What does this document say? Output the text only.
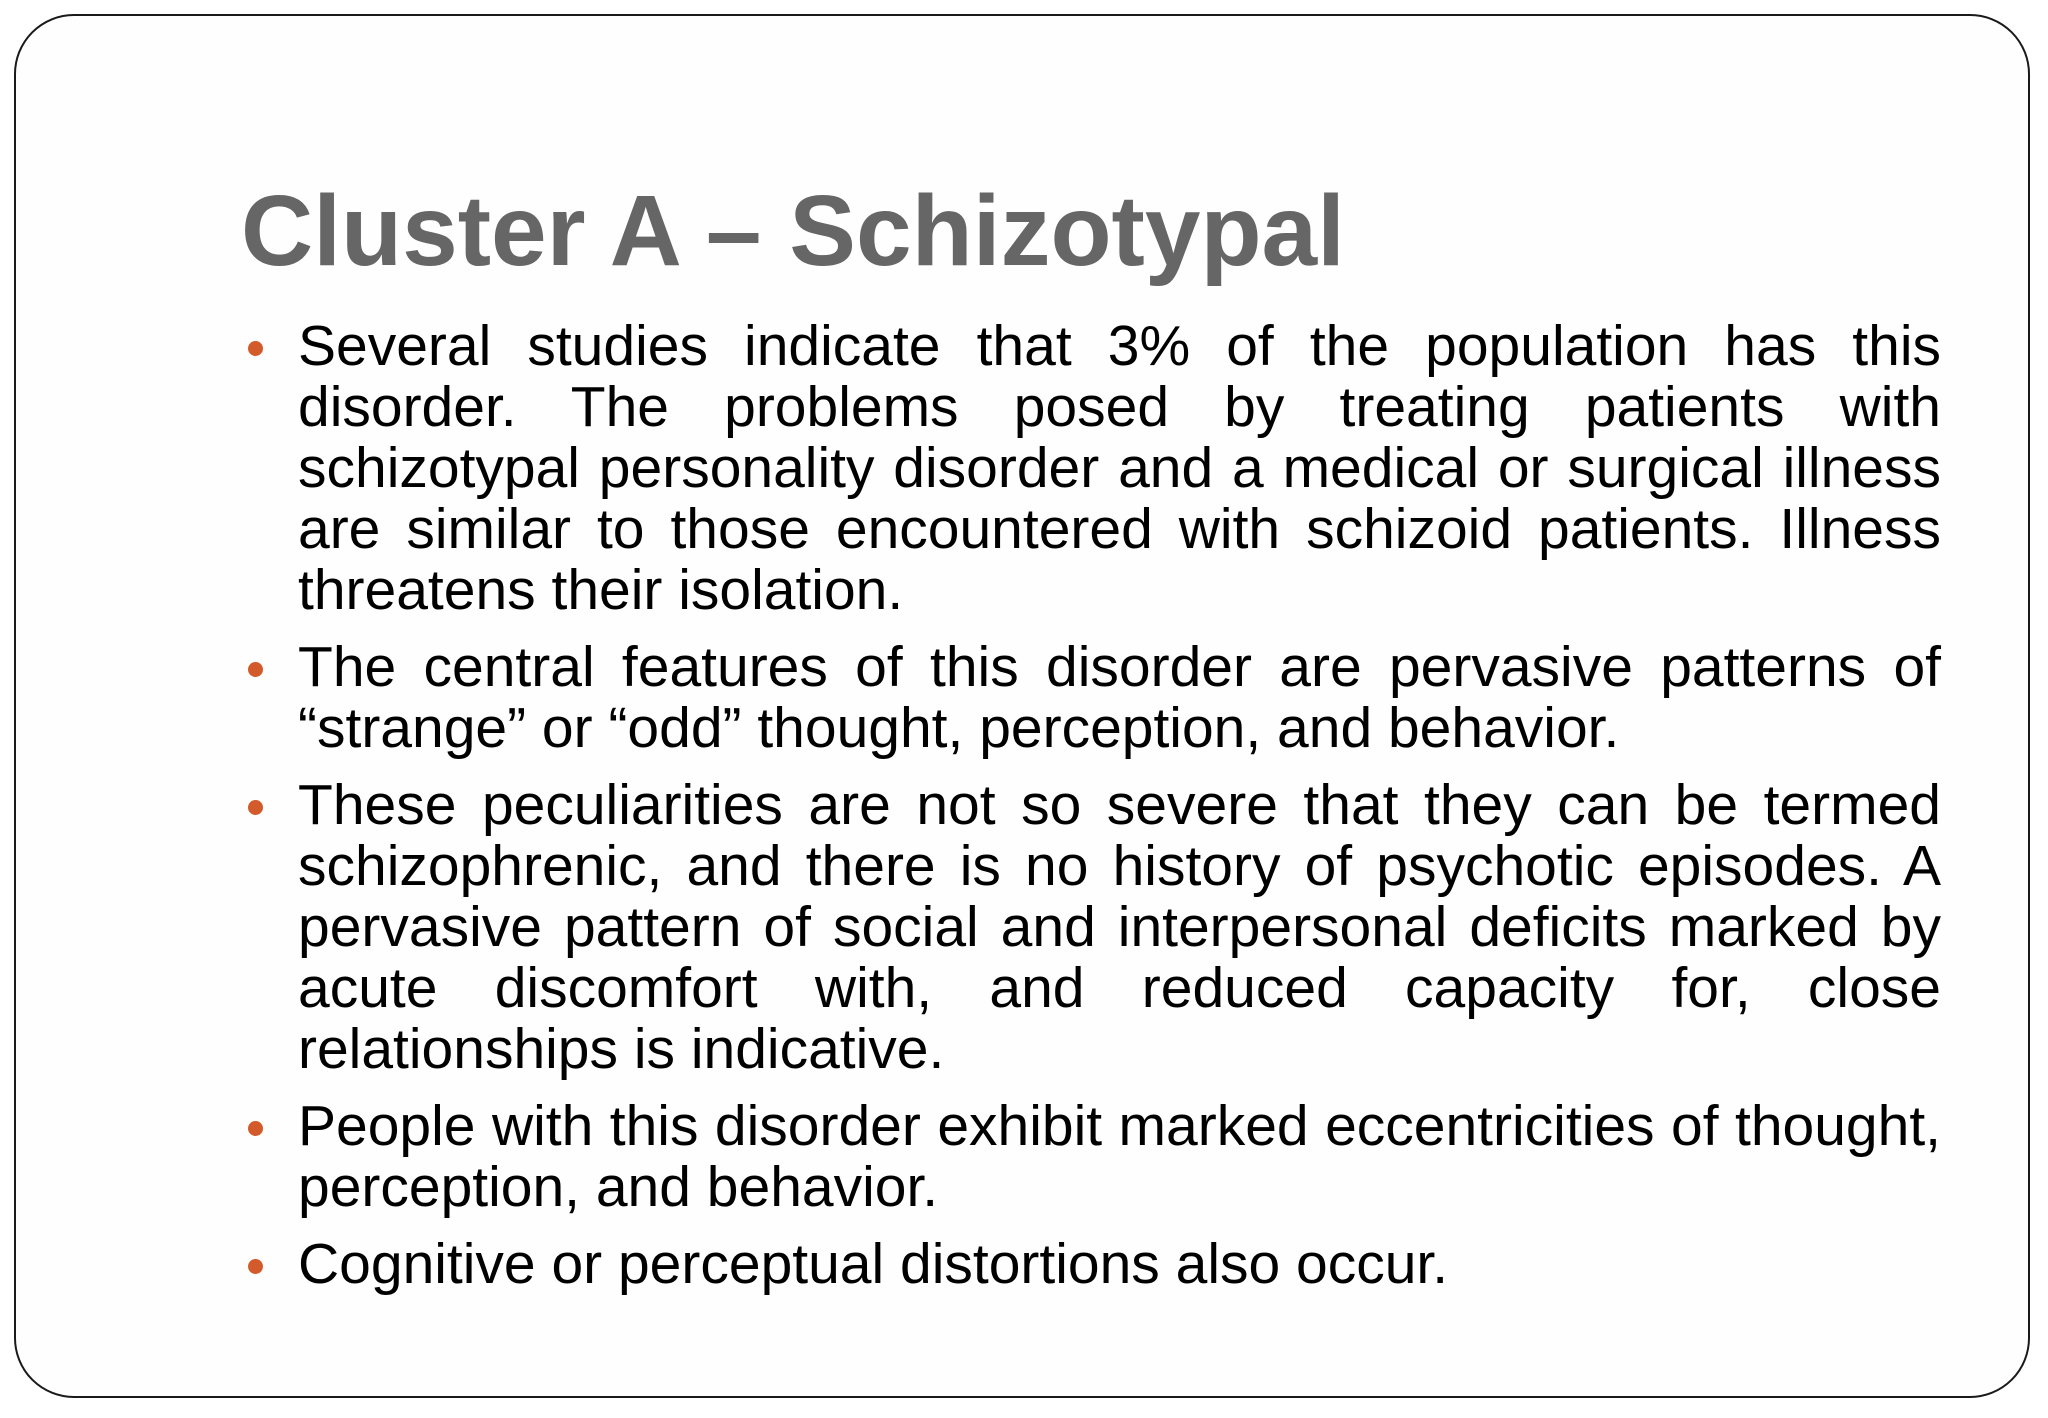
Cluster A – Schizotypal
Several studies indicate that 3% of the population has this disorder. The problems posed by treating patients with schizotypal personality disorder and a medical or surgical illness are similar to those encountered with schizoid patients. Illness threatens their isolation.
The central features of this disorder are pervasive patterns of “strange” or “odd” thought, perception, and behavior.
These peculiarities are not so severe that they can be termed schizophrenic, and there is no history of psychotic episodes. A pervasive pattern of social and interpersonal deficits marked by acute discomfort with, and reduced capacity for, close relationships is indicative.
People with this disorder exhibit marked eccentricities of thought, perception, and behavior.
Cognitive or perceptual distortions also occur.
